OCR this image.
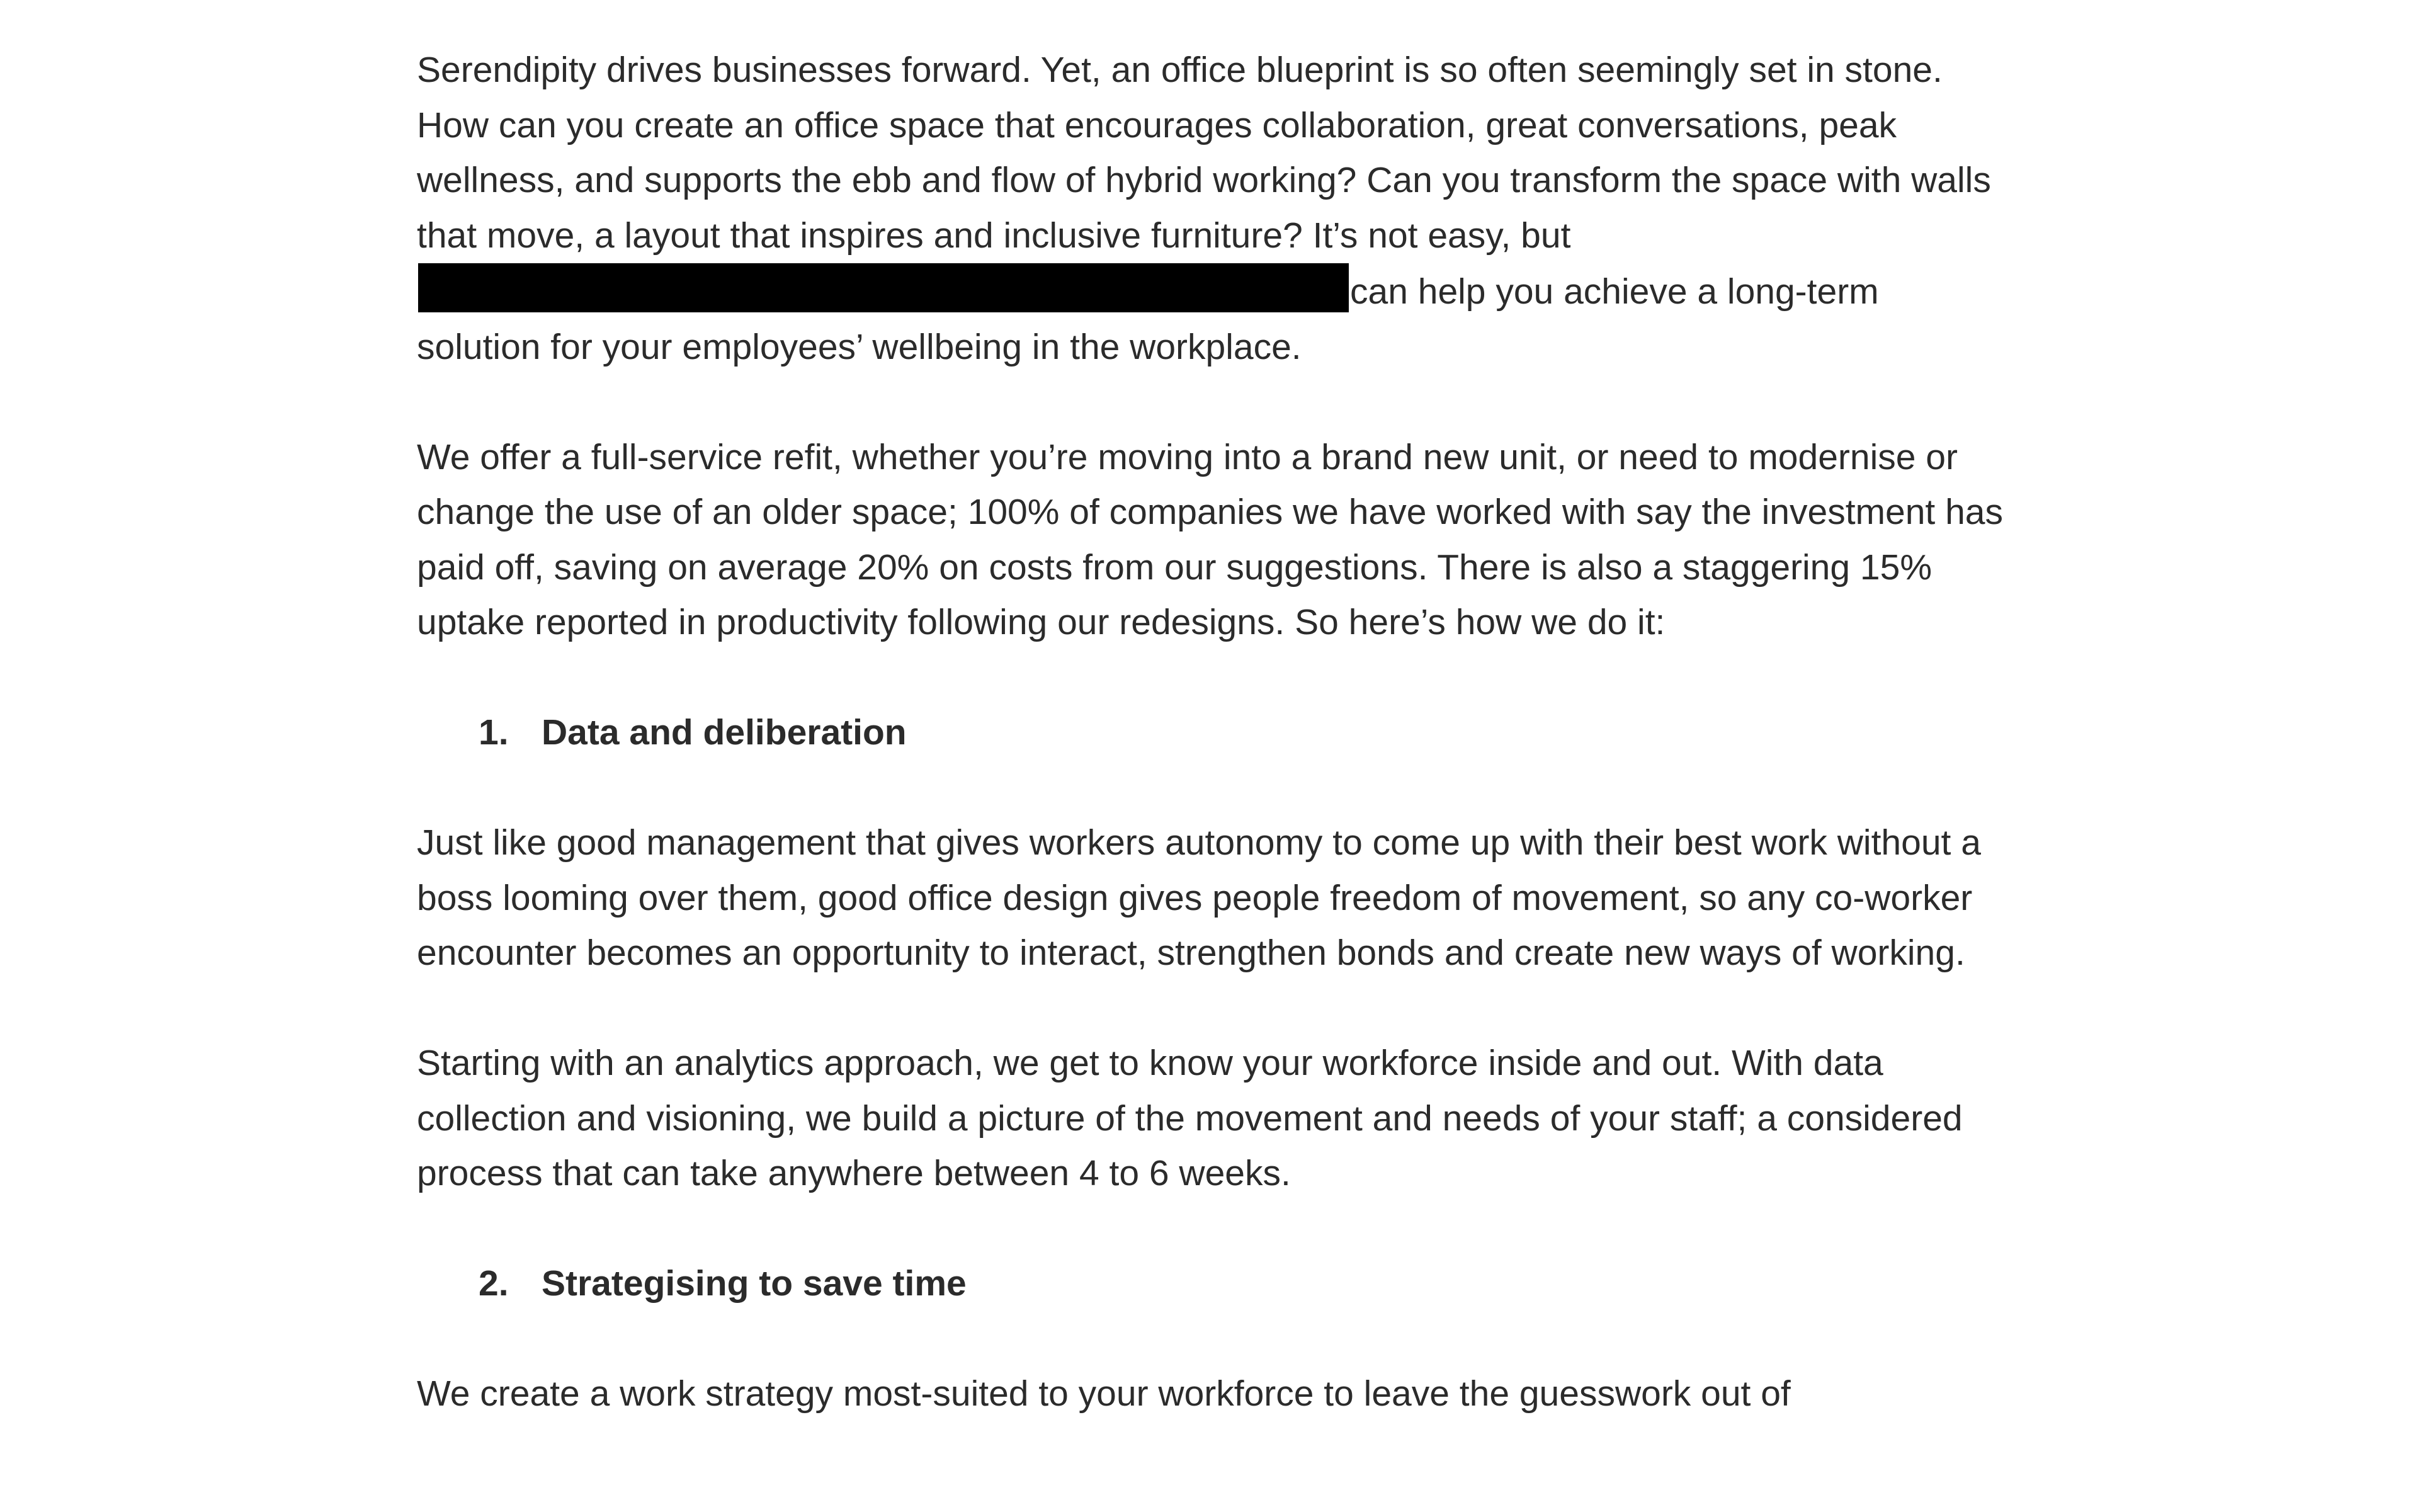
Serendipity drives businesses forward. Yet, an office blueprint is so often seemingly set in stone. How can you create an office space that encourages collaboration, great conversations, peak wellness, and supports the ebb and flow of hybrid working? Can you transform the space with walls that move, a layout that inspires and inclusive furniture? It’s not easy, but can help you achieve a long-term solution for your employees’ wellbeing in the workplace.

We offer a full-service refit, whether you’re moving into a brand new unit, or need to modernise or change the use of an older space; 100% of companies we have worked with say the investment has paid off, saving on average 20% on costs from our suggestions. There is also a staggering 15% uptake reported in productivity following our redesigns. So here’s how we do it:

1. Data and deliberation

Just like good management that gives workers autonomy to come up with their best work without a boss looming over them, good office design gives people freedom of movement, so any co-worker encounter becomes an opportunity to interact, strengthen bonds and create new ways of working.

Starting with an analytics approach, we get to know your workforce inside and out. With data collection and visioning, we build a picture of the movement and needs of your staff; a considered process that can take anywhere between 4 to 6 weeks.

2. Strategising to save time

We create a work strategy most-suited to your workforce to leave the guesswork out of
